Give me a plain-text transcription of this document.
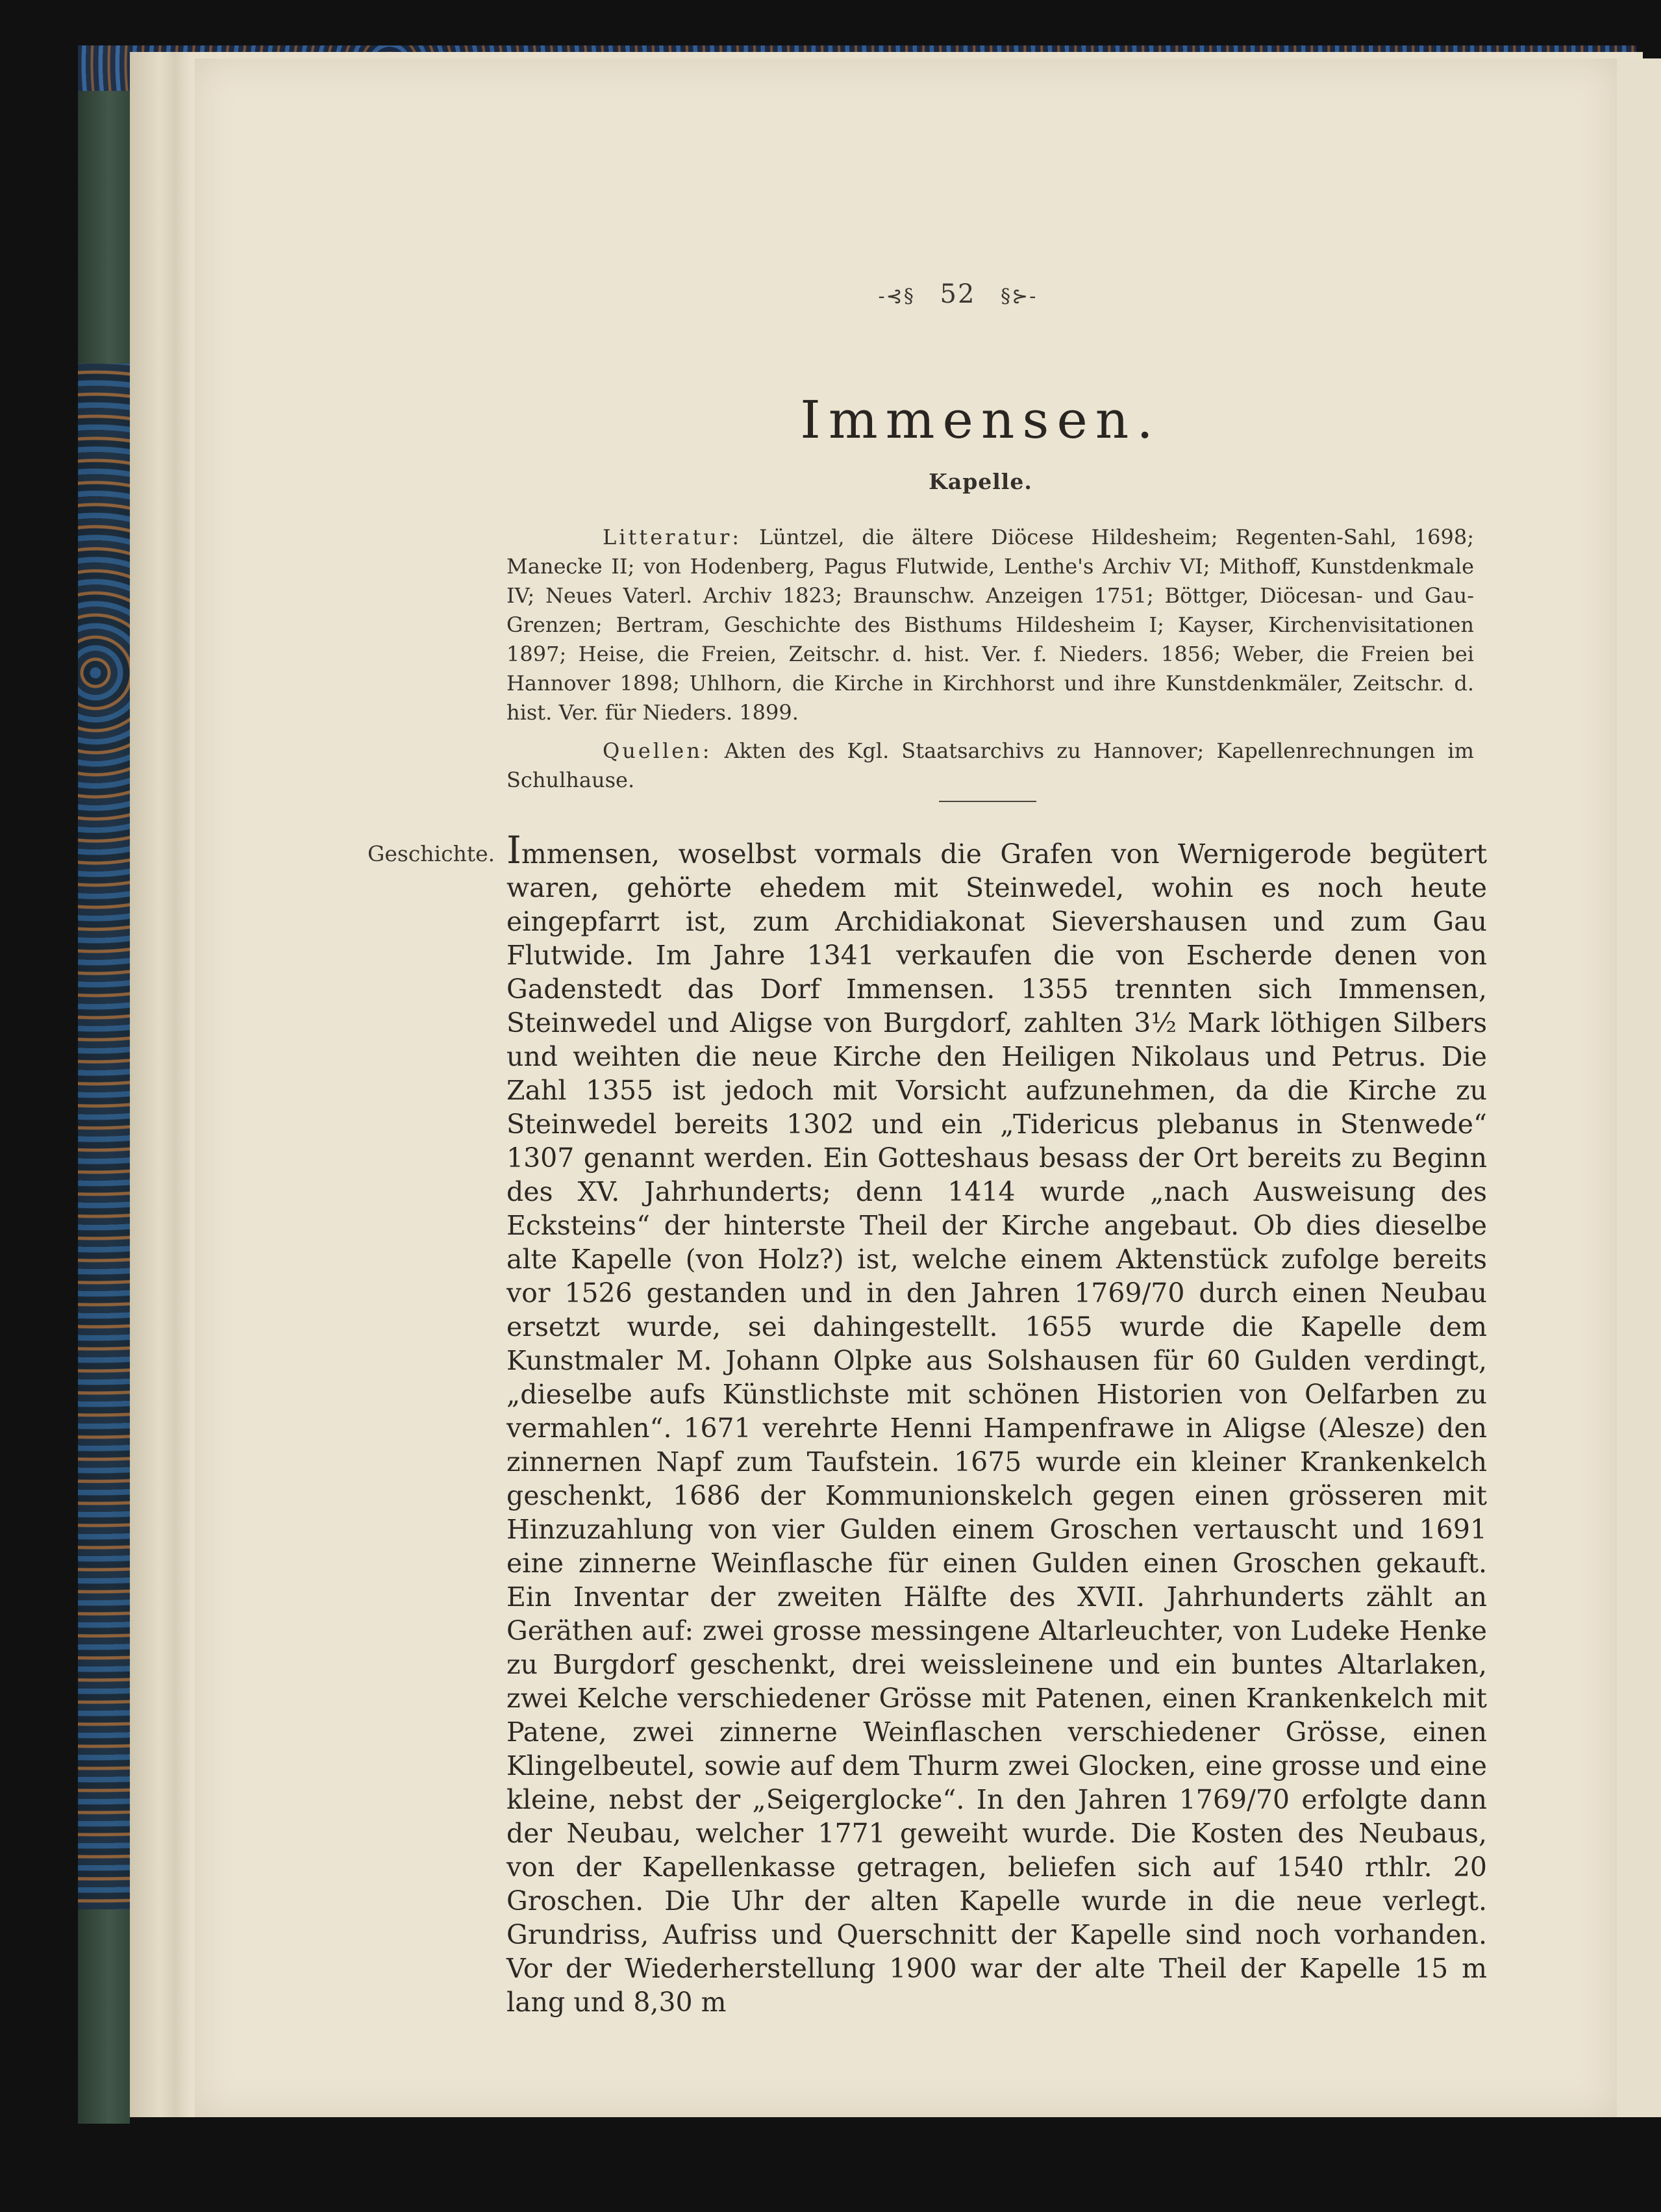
-⊰§ 52 §⊱-
Immensen.
Kapelle.

Litteratur: Lüntzel, die ältere Diöcese Hildesheim; Regenten-Sahl, 1698; Manecke II; von Hodenberg, Pagus Flutwide, Lenthe's Archiv VI; Mithoff, Kunstdenkmale IV; Neues Vaterl. Archiv 1823; Braunschw. Anzeigen 1751; Böttger, Diöcesan- und Gau-Grenzen; Bertram, Geschichte des Bisthums Hildesheim I; Kayser, Kirchenvisitationen 1897; Heise, die Freien, Zeitschr. d. hist. Ver. f. Nieders. 1856; Weber, die Freien bei Hannover 1898; Uhlhorn, die Kirche in Kirchhorst und ihre Kunstdenkmäler, Zeitschr. d. hist. Ver. für Nieders. 1899.

Quellen: Akten des Kgl. Staatsarchivs zu Hannover; Kapellenrechnungen im Schulhause.

Geschichte. Immensen, woselbst vormals die Grafen von Wernigerode begütert waren, gehörte ehedem mit Steinwedel, wohin es noch heute eingepfarrt ist, zum Archidiakonat Sievershausen und zum Gau Flutwide. Im Jahre 1341 verkaufen die von Escherde denen von Gadenstedt das Dorf Immensen. 1355 trennten sich Immensen, Steinwedel und Aligse von Burgdorf, zahlten 3½ Mark löthigen Silbers und weihten die neue Kirche den Heiligen Nikolaus und Petrus. Die Zahl 1355 ist jedoch mit Vorsicht aufzunehmen, da die Kirche zu Steinwedel bereits 1302 und ein „Tidericus plebanus in Stenwede“ 1307 genannt werden. Ein Gotteshaus besass der Ort bereits zu Beginn des XV. Jahrhunderts; denn 1414 wurde „nach Ausweisung des Ecksteins“ der hinterste Theil der Kirche angebaut. Ob dies dieselbe alte Kapelle (von Holz?) ist, welche einem Aktenstück zufolge bereits vor 1526 gestanden und in den Jahren 1769/70 durch einen Neubau ersetzt wurde, sei dahingestellt. 1655 wurde die Kapelle dem Kunstmaler M. Johann Olpke aus Solshausen für 60 Gulden verdingt, „dieselbe aufs Künstlichste mit schönen Historien von Oelfarben zu vermahlen“. 1671 verehrte Henni Hampenfrawe in Aligse (Alesze) den zinnernen Napf zum Taufstein. 1675 wurde ein kleiner Krankenkelch geschenkt, 1686 der Kommunionskelch gegen einen grösseren mit Hinzuzahlung von vier Gulden einem Groschen vertauscht und 1691 eine zinnerne Weinflasche für einen Gulden einen Groschen gekauft. Ein Inventar der zweiten Hälfte des XVII. Jahrhunderts zählt an Geräthen auf: zwei grosse messingene Altarleuchter, von Ludeke Henke zu Burgdorf geschenkt, drei weissleinene und ein buntes Altarlaken, zwei Kelche verschiedener Grösse mit Patenen, einen Krankenkelch mit Patene, zwei zinnerne Weinflaschen verschiedener Grösse, einen Klingelbeutel, sowie auf dem Thurm zwei Glocken, eine grosse und eine kleine, nebst der „Seigerglocke“. In den Jahren 1769/70 erfolgte dann der Neubau, welcher 1771 geweiht wurde. Die Kosten des Neubaus, von der Kapellenkasse getragen, beliefen sich auf 1540 rthlr. 20 Groschen. Die Uhr der alten Kapelle wurde in die neue verlegt. Grundriss, Aufriss und Querschnitt der Kapelle sind noch vorhanden. Vor der Wiederherstellung 1900 war der alte Theil der Kapelle 15 m lang und 8,30 m
